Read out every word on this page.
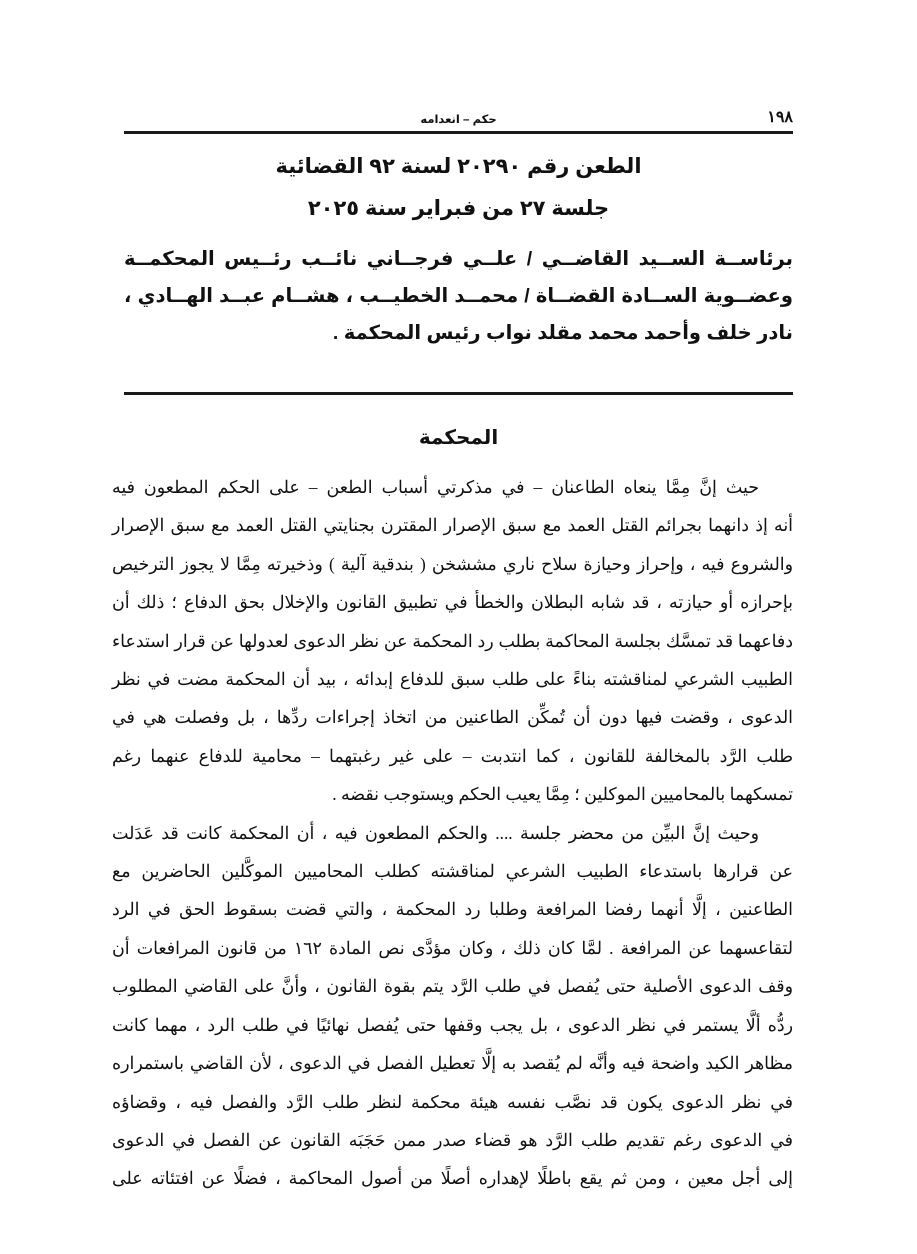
١٩٨
حكم – انعدامه
الطعن رقم ٢٠٢٩٠ لسنة ٩٢ القضائية
جلسة ٢٧ من فبراير سنة ٢٠٢٥
برئاســة الســيد القاضــي / علــي فرجــاني نائــب رئــيس المحكمــة
وعضــوية الســادة القضــاة / محمــد الخطيــب ، هشــام عبــد الهــادي ،
نادر خلف وأحمد محمد مقلد نواب رئيس المحكمة .
المحكمة
حيث إنَّ مِمَّا ينعاه الطاعنان – في مذكرتي أسباب الطعن – على الحكم المطعون فيه
أنه إذ دانهما بجرائم القتل العمد مع سبق الإصرار المقترن بجنايتي القتل العمد مع سبق الإصرار
والشروع فيه ، وإحراز وحيازة سلاح ناري مششخن ( بندقية آلية ) وذخيرته مِمَّا لا يجوز الترخيص
بإحرازه أو حيازته ، قد شابه البطلان والخطأ في تطبيق القانون والإخلال بحق الدفاع ؛ ذلك أن
دفاعهما قد تمسَّك بجلسة المحاكمة بطلب رد المحكمة عن نظر الدعوى لعدولها عن قرار استدعاء
الطبيب الشرعي لمناقشته بناءً على طلب سبق للدفاع إبدائه ، بيد أن المحكمة مضت في نظر
الدعوى ، وقضت فيها دون أن تُمكِّن الطاعنين من اتخاذ إجراءات ردِّها ، بل وفصلت هي في
طلب الرَّد بالمخالفة للقانون ، كما انتدبت – على غير رغبتهما – محامية للدفاع عنهما رغم
تمسكهما بالمحاميين الموكلين ؛ مِمَّا يعيب الحكم ويستوجب نقضه .
وحيث إنَّ البيِّن من محضر جلسة .... والحكم المطعون فيه ، أن المحكمة كانت قد عَدَلت
عن قرارها باستدعاء الطبيب الشرعي لمناقشته كطلب المحاميين الموكَّلين الحاضرين مع
الطاعنين ، إلَّا أنهما رفضا المرافعة وطلبا رد المحكمة ، والتي قضت بسقوط الحق في الرد
لتقاعسهما عن المرافعة . لمَّا كان ذلك ، وكان مؤدَّى نص المادة ١٦٢ من قانون المرافعات أن
وقف الدعوى الأصلية حتى يُفصل في طلب الرَّد يتم بقوة القانون ، وأنَّ على القاضي المطلوب
ردُّه ألَّا يستمر في نظر الدعوى ، بل يجب وقفها حتى يُفصل نهائيًا في طلب الرد ، مهما كانت
مظاهر الكيد واضحة فيه وأنَّه لم يُقصد به إلَّا تعطيل الفصل في الدعوى ، لأن القاضي باستمراره
في نظر الدعوى يكون قد نصَّب نفسه هيئة محكمة لنظر طلب الرَّد والفصل فيه ، وقضاؤه
في الدعوى رغم تقديم طلب الرَّد هو قضاء صدر ممن حَجَبَه القانون عن الفصل في الدعوى
إلى أجل معين ، ومن ثم يقع باطلًا لإهداره أصلًا من أصول المحاكمة ، فضلًا عن افتئاته على
